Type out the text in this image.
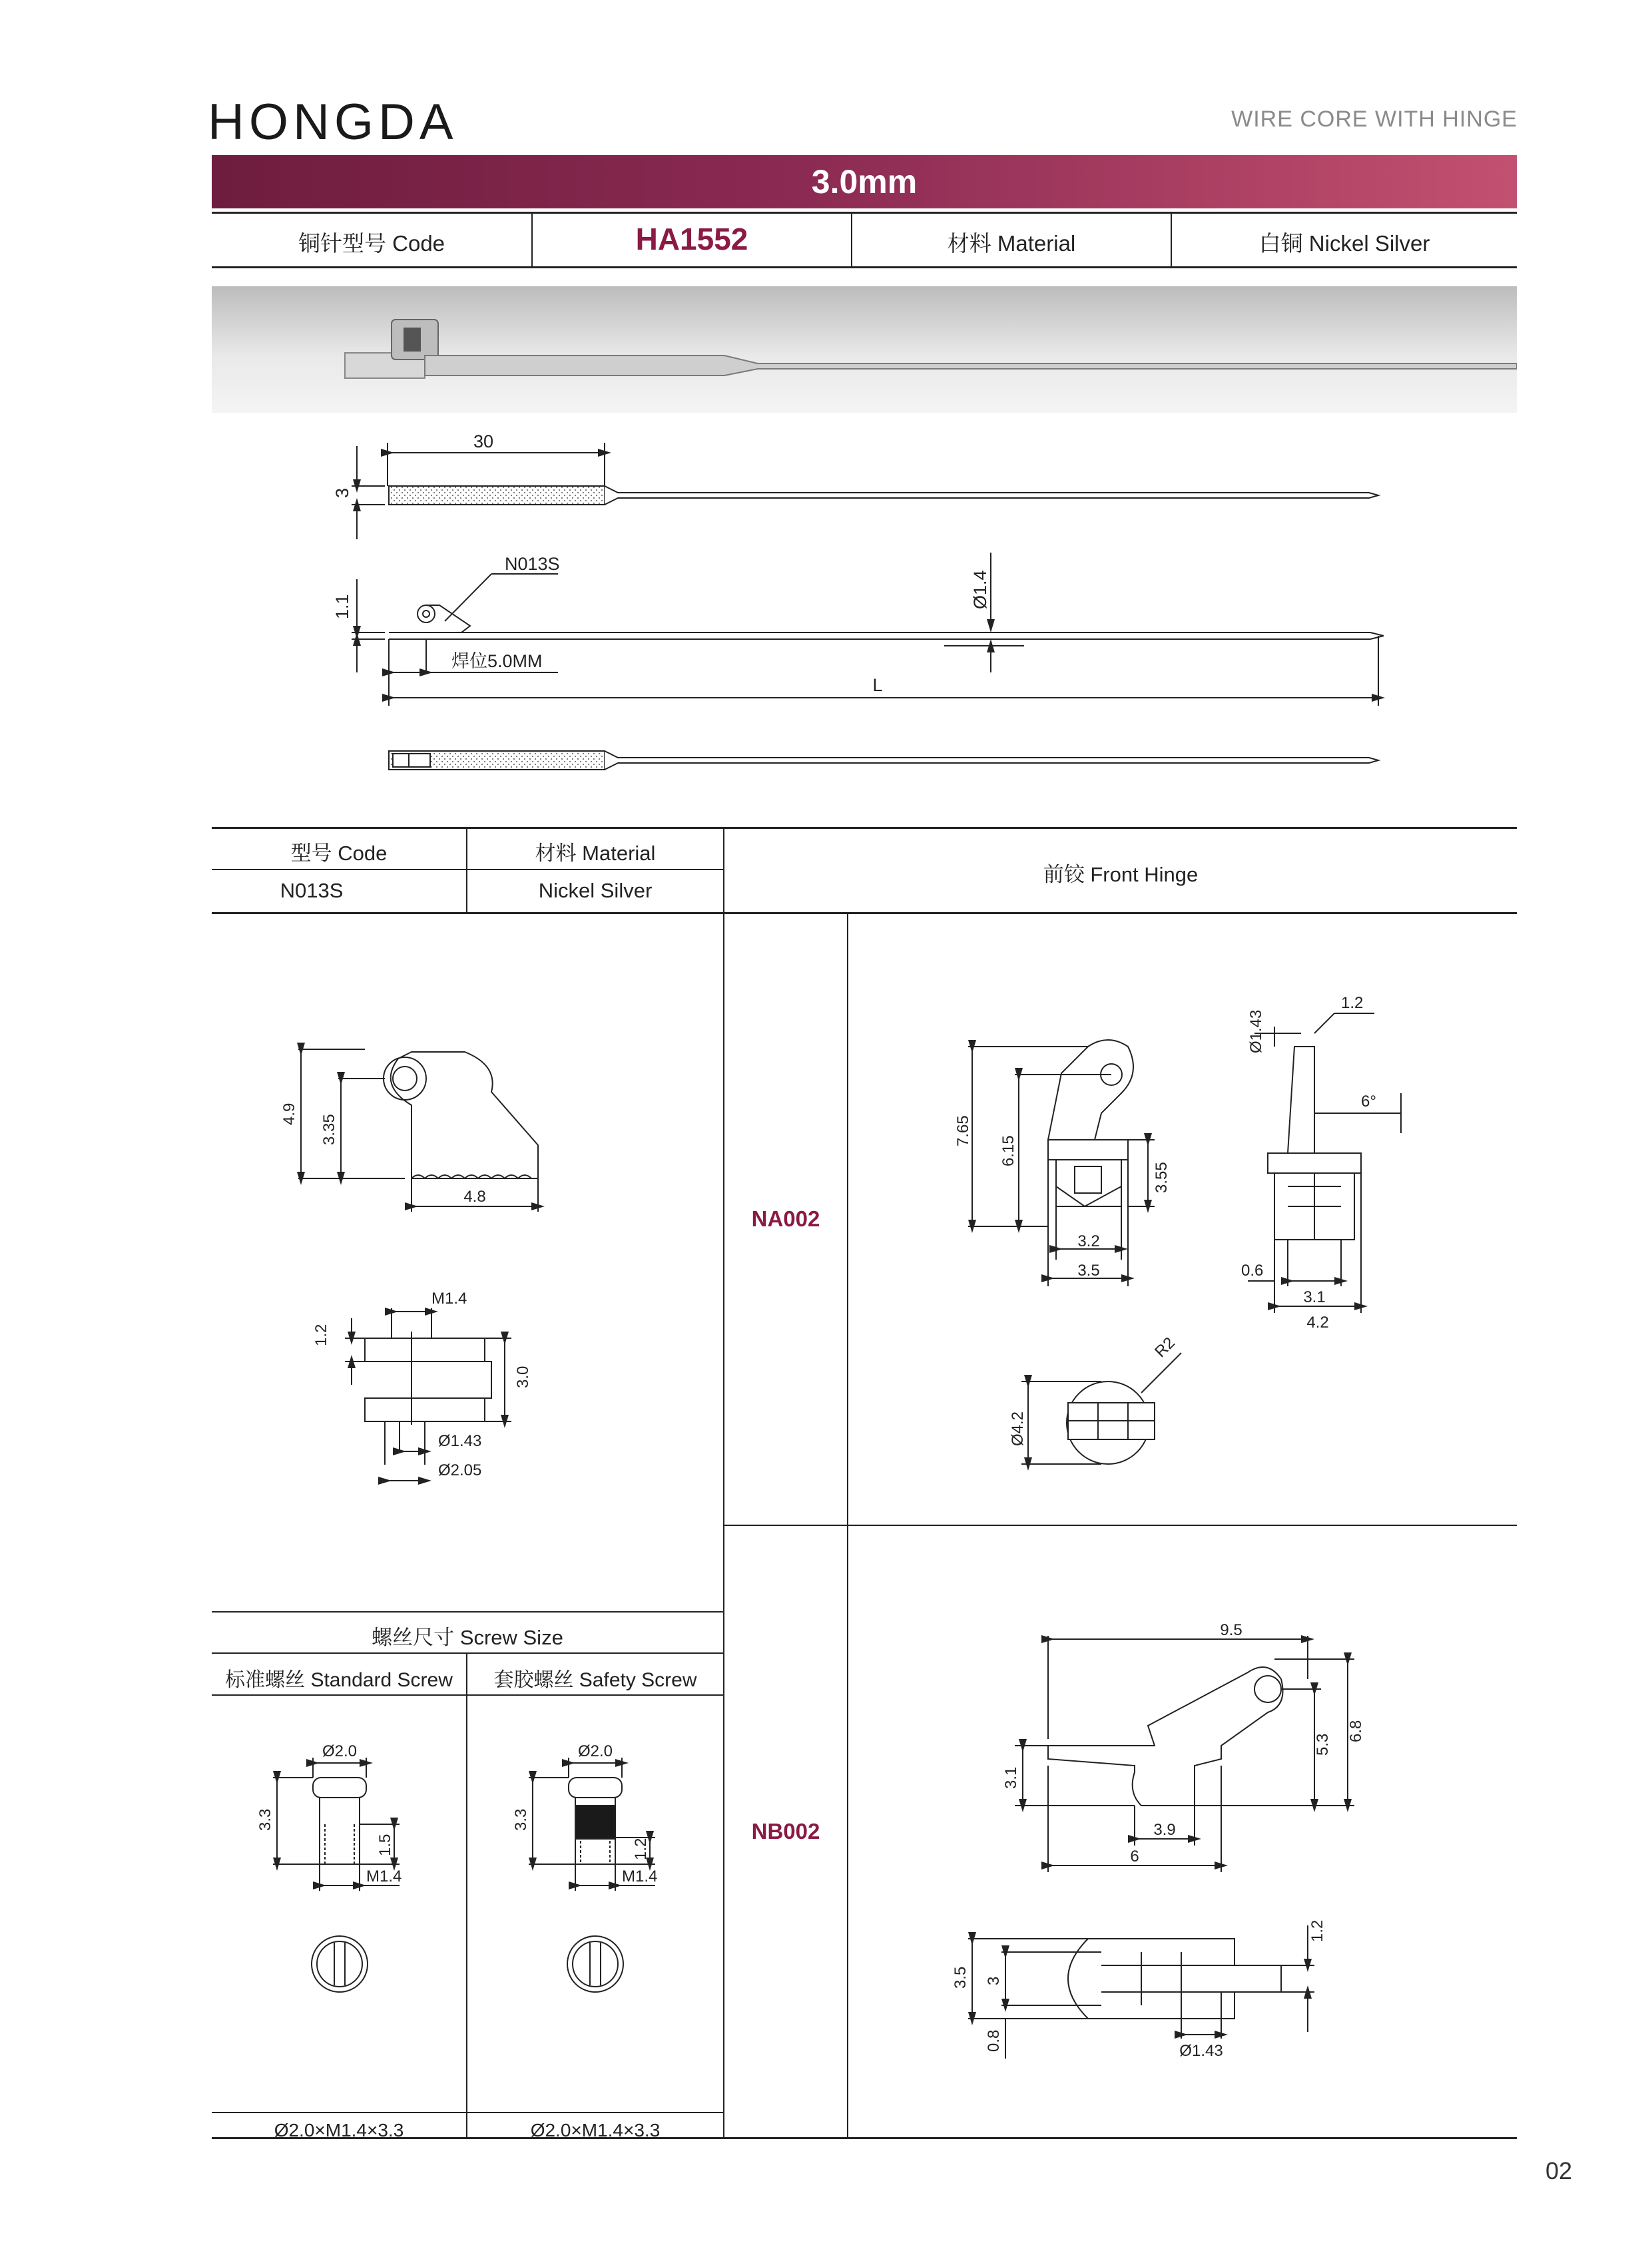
HONGDA	WIRE CORE WITH HINGE
3.0mm
铜针型号 Code	HA1552	材料 Material	白铜 Nickel Silver
30
3
1.1
N013S
Ø1.4
焊位5.0MM
L
型号 Code	材料 Material
N013S	Nickel Silver
前铰 Front Hinge
4.9 3.35
4.8
M1.4
1.2
3.0
Ø1.43
Ø2.05
NA002
NB002
7.65
6.15
3.55
3.2
3.5
Ø1.43
1.2
6°
0.6
3.1
4.2
R2
Ø4.2
9.5
5.3
6.8
3.1
3.9
6
3.5 3
0.8
1.2
Ø1.43
螺丝尺寸 Screw Size
标准螺丝 Standard Screw	套胶螺丝 Safety Screw
Ø2.0×M1.4×3.3	Ø2.0×M1.4×3.3
Ø2.0
3.3
1.5
M1.4
Ø2.0
3.3
1.2
M1.4
02
